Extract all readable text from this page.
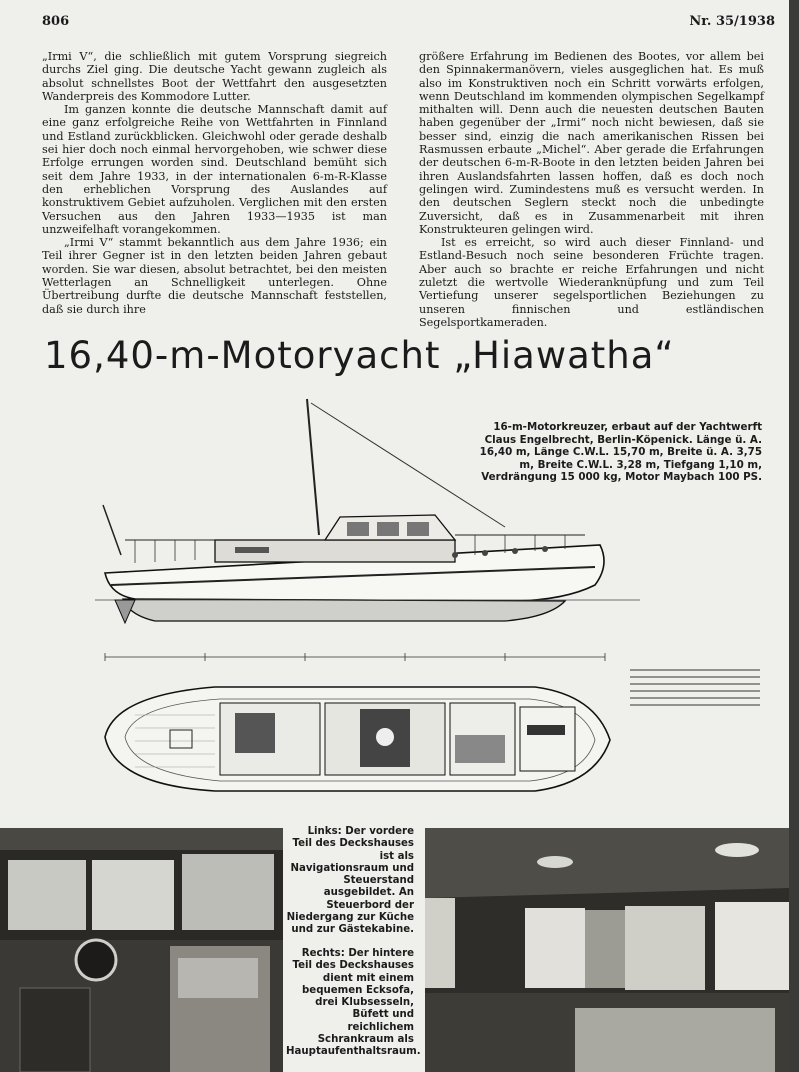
806	Nr. 35/1938

„Irmi V“, die schließlich mit gutem Vorsprung siegreich durchs Ziel ging. Die deutsche Yacht gewann zugleich als absolut schnellstes Boot der Wettfahrt den ausgesetzten Wanderpreis des Kommodore Lutter.

Im ganzen konnte die deutsche Mannschaft damit auf eine ganz erfolgreiche Reihe von Wettfahrten in Finnland und Estland zurückblicken. Gleichwohl oder gerade deshalb sei hier doch noch einmal hervorgehoben, wie schwer diese Erfolge errungen worden sind. Deutschland bemüht sich seit dem Jahre 1933, in der internationalen 6-m-R-Klasse den erheblichen Vorsprung des Auslandes auf konstruktivem Gebiet aufzuholen. Verglichen mit den ersten Versuchen aus den Jahren 1933—1935 ist man unzweifelhaft vorangekommen.

„Irmi V“ stammt bekanntlich aus dem Jahre 1936; ein Teil ihrer Gegner ist in den letzten beiden Jahren gebaut worden. Sie war diesen, absolut betrachtet, bei den meisten Wetterlagen an Schnelligkeit unterlegen. Ohne Übertreibung durfte die deutsche Mannschaft feststellen, daß sie durch ihre

größere Erfahrung im Bedienen des Bootes, vor allem bei den Spinnakermanövern, vieles ausgeglichen hat. Es muß also im Konstruktiven noch ein Schritt vorwärts erfolgen, wenn Deutschland im kommenden olympischen Segelkampf mithalten will. Denn auch die neuesten deutschen Bauten haben gegenüber der „Irmi“ noch nicht bewiesen, daß sie besser sind, einzig die nach amerikanischen Rissen bei Rasmussen erbaute „Michel“. Aber gerade die Erfahrungen der deutschen 6-m-R-Boote in den letzten beiden Jahren bei ihren Auslandsfahrten lassen hoffen, daß es doch noch gelingen wird. Zumindestens muß es versucht werden. In den deutschen Seglern steckt noch die unbedingte Zuversicht, daß es in Zusammenarbeit mit ihren Konstrukteuren gelingen wird.

Ist es erreicht, so wird auch dieser Finnland- und Estland-Besuch noch seine besonderen Früchte tragen. Aber auch so brachte er reiche Erfahrungen und nicht zuletzt die wertvolle Wiederanknüpfung und zum Teil Vertiefung unserer segelsportlichen Beziehungen zu unseren finnischen und estländischen Segelsportkameraden.

16,40-m-Motoryacht „Hiawatha“
16-m-Motorkreuzer, erbaut auf der Yachtwerft Claus Engelbrecht, Berlin-Köpenick. Länge ü. A. 16,40 m, Länge C.W.L. 15,70 m, Breite ü. A. 3,75 m, Breite C.W.L. 3,28 m, Tiefgang 1,10 m, Verdrängung 15 000 kg, Motor Maybach 100 PS.
Links: Der vordere Teil des Deckshauses ist als Navigationsraum und Steuerstand ausgebildet. An Steuerbord der Niedergang zur Küche und zur Gästekabine.
Rechts: Der hintere Teil des Deckshauses dient mit einem bequemen Ecksofa, drei Klubsesseln, Büfett und reichlichem Schrankraum als Hauptaufenthaltsraum.
